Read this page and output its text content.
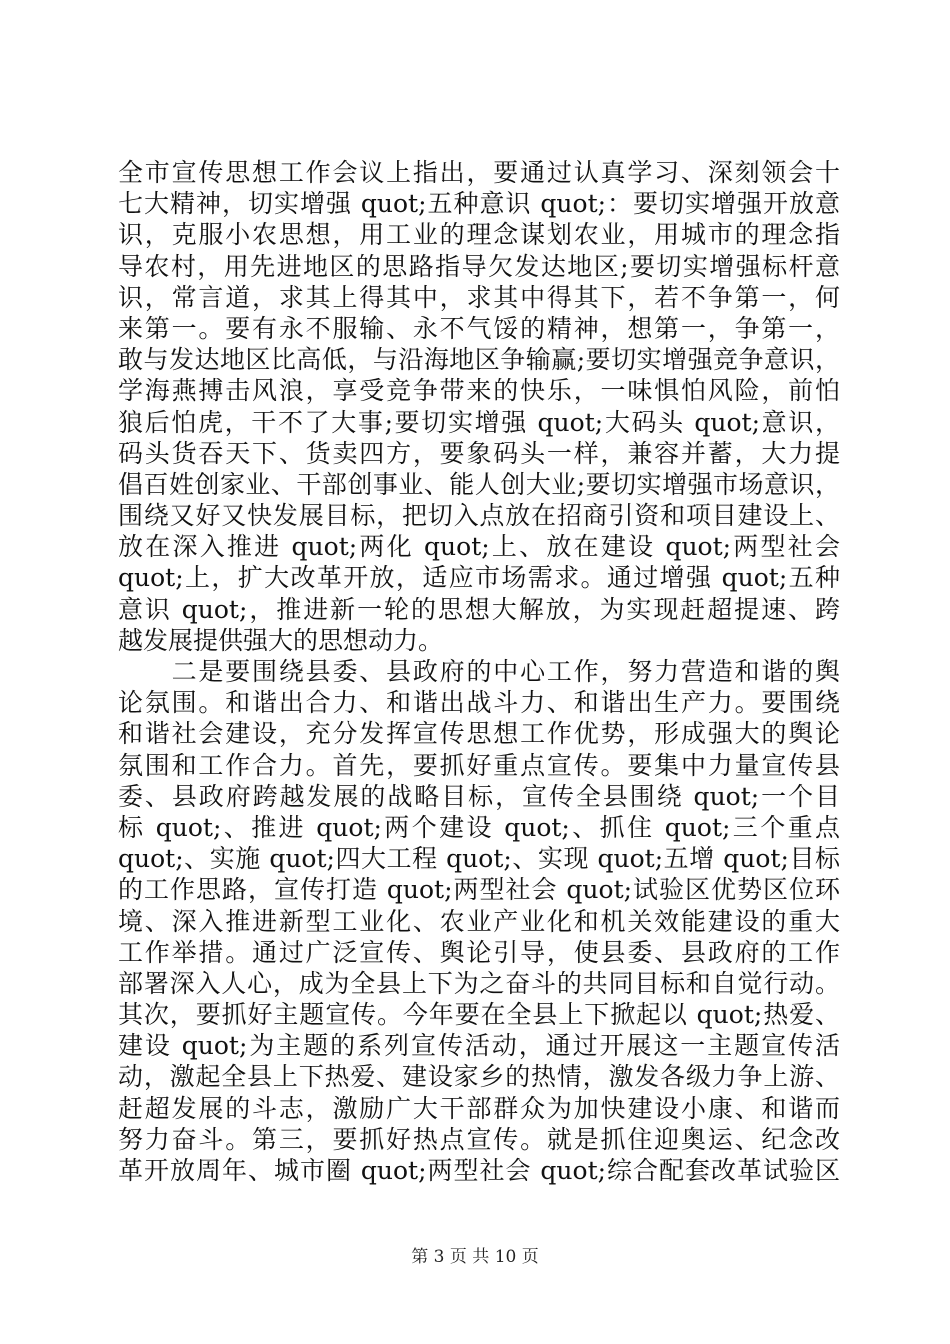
全市宣传思想工作会议上指出，要通过认真学习、深刻领会十
七大精神，切实增强 quot;五种意识 quot;：要切实增强开放意
识，克服小农思想，用工业的理念谋划农业，用城市的理念指
导农村，用先进地区的思路指导欠发达地区;要切实增强标杆意
识，常言道，求其上得其中，求其中得其下，若不争第一，何
来第一。要有永不服输、永不气馁的精神，想第一，争第一，
敢与发达地区比高低，与沿海地区争输赢;要切实增强竞争意识，
学海燕搏击风浪，享受竞争带来的快乐，一味惧怕风险，前怕
狼后怕虎，干不了大事;要切实增强 quot;大码头 quot;意识，
码头货吞天下、货卖四方，要象码头一样，兼容并蓄，大力提
倡百姓创家业、干部创事业、能人创大业;要切实增强市场意识，
围绕又好又快发展目标，把切入点放在招商引资和项目建设上、
放在深入推进 quot;两化 quot;上、放在建设 quot;两型社会
quot;上，扩大改革开放，适应市场需求。通过增强 quot;五种
意识 quot;，推进新一轮的思想大解放，为实现赶超提速、跨
越发展提供强大的思想动力。
　　二是要围绕县委、县政府的中心工作，努力营造和谐的舆
论氛围。和谐出合力、和谐出战斗力、和谐出生产力。要围绕
和谐社会建设，充分发挥宣传思想工作优势，形成强大的舆论
氛围和工作合力。首先，要抓好重点宣传。要集中力量宣传县
委、县政府跨越发展的战略目标，宣传全县围绕 quot;一个目
标 quot;、推进 quot;两个建设 quot;、抓住 quot;三个重点
quot;、实施 quot;四大工程 quot;、实现 quot;五增 quot;目标
的工作思路，宣传打造 quot;两型社会 quot;试验区优势区位环
境、深入推进新型工业化、农业产业化和机关效能建设的重大
工作举措。通过广泛宣传、舆论引导，使县委、县政府的工作
部署深入人心，成为全县上下为之奋斗的共同目标和自觉行动。
其次，要抓好主题宣传。今年要在全县上下掀起以 quot;热爱、
建设 quot;为主题的系列宣传活动，通过开展这一主题宣传活
动，激起全县上下热爱、建设家乡的热情，激发各级力争上游、
赶超发展的斗志，激励广大干部群众为加快建设小康、和谐而
努力奋斗。第三，要抓好热点宣传。就是抓住迎奥运、纪念改
革开放周年、城市圈 quot;两型社会 quot;综合配套改革试验区
第 3 页 共 10 页
